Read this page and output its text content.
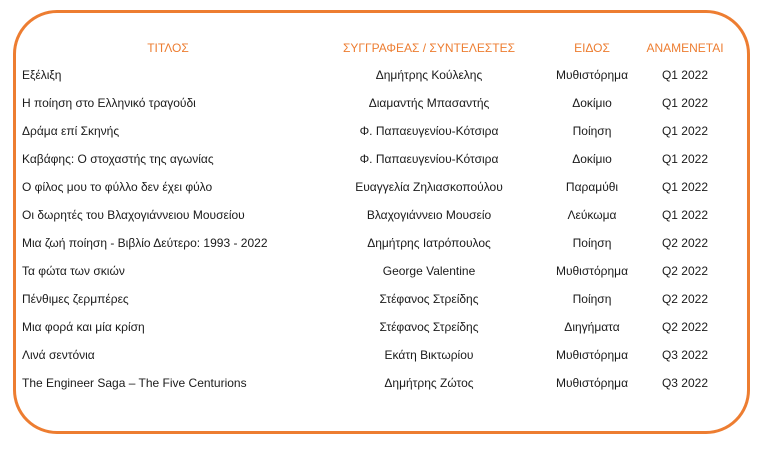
ΤΙΤΛΟΣ	ΣΥΓΓΡΑΦΕΑΣ / ΣΥΝΤΕΛΕΣΤΕΣ	ΕΙΔΟΣ	ΑΝΑΜΕΝΕΤΑΙ
Εξέλιξη	Δημήτρης Κούλελης	Μυθιστόρημα	Q1 2022
Η ποίηση στο Ελληνικό τραγούδι	Διαμαντής Μπασαντής	Δοκίμιο	Q1 2022
Δράμα επί Σκηνής	Φ. Παπαευγενίου-Κότσιρα	Ποίηση	Q1 2022
Καβάφης: Ο στοχαστής της αγωνίας	Φ. Παπαευγενίου-Κότσιρα	Δοκίμιο	Q1 2022
Ο φίλος μου το φύλλο δεν έχει φύλο	Ευαγγελία Ζηλιασκοπούλου	Παραμύθι	Q1 2022
Οι δωρητές του Βλαχογιάννειου Μουσείου	Βλαχογιάννειο Μουσείο	Λεύκωμα	Q1 2022
Μια ζωή ποίηση - Βιβλίο Δεύτερο: 1993 - 2022	Δημήτρης Ιατρόπουλος	Ποίηση	Q2 2022
Τα φώτα των σκιών	George Valentine	Μυθιστόρημα	Q2 2022
Πένθιμες ζερμπέρες	Στέφανος Στρείδης	Ποίηση	Q2 2022
Μια φορά και μία κρίση	Στέφανος Στρείδης	Διηγήματα	Q2 2022
Λινά σεντόνια	Εκάτη Βικτωρίου	Μυθιστόρημα	Q3 2022
The Engineer Saga – The Five Centurions	Δημήτρης Ζώτος	Μυθιστόρημα	Q3 2022
